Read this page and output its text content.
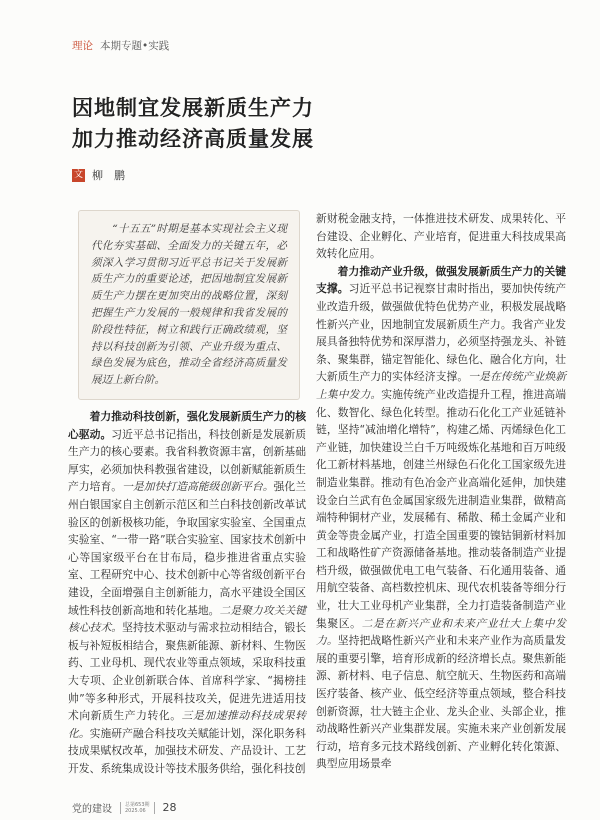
理论 本期专题•实践
因地制宜发展新质生产力
加力推动经济高质量发展
文 柳　鹏
“十五五”时期是基本实现社会主义现代化夯实基础、全面发力的关键五年，必须深入学习贯彻习近平总书记关于发展新质生产力的重要论述，把因地制宜发展新质生产力摆在更加突出的战略位置，深刻把握生产力发展的一般规律和我省发展的阶段性特征，树立和践行正确政绩观，坚持以科技创新为引领、产业升级为重点、绿色发展为底色，推动全省经济高质量发展迈上新台阶。

着力推动科技创新，强化发展新质生产力的核心驱动。习近平总书记指出，科技创新是发展新质生产力的核心要素。我省科教资源丰富，创新基础厚实，必须加快科教强省建设，以创新赋能新质生产力培育。一是加快打造高能级创新平台。强化兰州白银国家自主创新示范区和兰白科技创新改革试验区的创新极核功能，争取国家实验室、全国重点实验室、“一带一路”联合实验室、国家技术创新中心等国家级平台在甘布局，稳步推进省重点实验室、工程研究中心、技术创新中心等省级创新平台建设，全面增强自主创新能力，高水平建设全国区域性科技创新高地和转化基地。二是聚力攻关关键核心技术。坚持技术驱动与需求拉动相结合，锻长板与补短板相结合，聚焦新能源、新材料、生物医药、工业母机、现代农业等重点领域，采取科技重大专项、企业创新联合体、首席科学家、“揭榜挂帅”等多种形式，开展科技攻关，促进先进适用技术向新质生产力转化。三是加速推动科技成果转化。实施研产融合科技攻关赋能计划，深化职务科技成果赋权改革，加强技术研发、产品设计、工艺开发、系统集成设计等技术服务供给，强化科技创

新财税金融支持，一体推进技术研发、成果转化、平台建设、企业孵化、产业培育，促进重大科技成果高效转化应用。

着力推动产业升级，做强发展新质生产力的关键支撑。习近平总书记视察甘肃时指出，要加快传统产业改造升级，做强做优特色优势产业，积极发展战略性新兴产业，因地制宜发展新质生产力。我省产业发展具备独特优势和深厚潜力，必须坚持强龙头、补链条、聚集群，锚定智能化、绿色化、融合化方向，壮大新质生产力的实体经济支撑。一是在传统产业焕新上集中发力。实施传统产业改造提升工程，推进高端化、数智化、绿色化转型。推动石化化工产业延链补链，坚持“减油增化增特”，构建乙烯、丙烯绿色化工产业链，加快建设兰白千万吨级炼化基地和百万吨级化工新材料基地，创建兰州绿色石化化工国家级先进制造业集群。推动有色冶金产业高端化延伸，加快建设金白兰武有色金属国家级先进制造业集群，做精高端特种铜材产业，发展稀有、稀散、稀土金属产业和黄金等贵金属产业，打造全国重要的镍钴铜新材料加工和战略性矿产资源储备基地。推动装备制造产业提档升级，做强做优电工电气装备、石化通用装备、通用航空装备、高档数控机床、现代农机装备等细分行业，壮大工业母机产业集群，全力打造装备制造产业集聚区。二是在新兴产业和未来产业壮大上集中发力。坚持把战略性新兴产业和未来产业作为高质量发展的重要引擎，培育形成新的经济增长点。聚焦新能源、新材料、电子信息、航空航天、生物医药和高端医疗装备、核产业、低空经济等重点领域，整合科技创新资源，壮大链主企业、龙头企业、头部企业，推动战略性新兴产业集群发展。实施未来产业创新发展行动，培育多元技术路线创新、产业孵化转化策源、典型应用场景牵

党的建设	总第653期
2025.06	28
